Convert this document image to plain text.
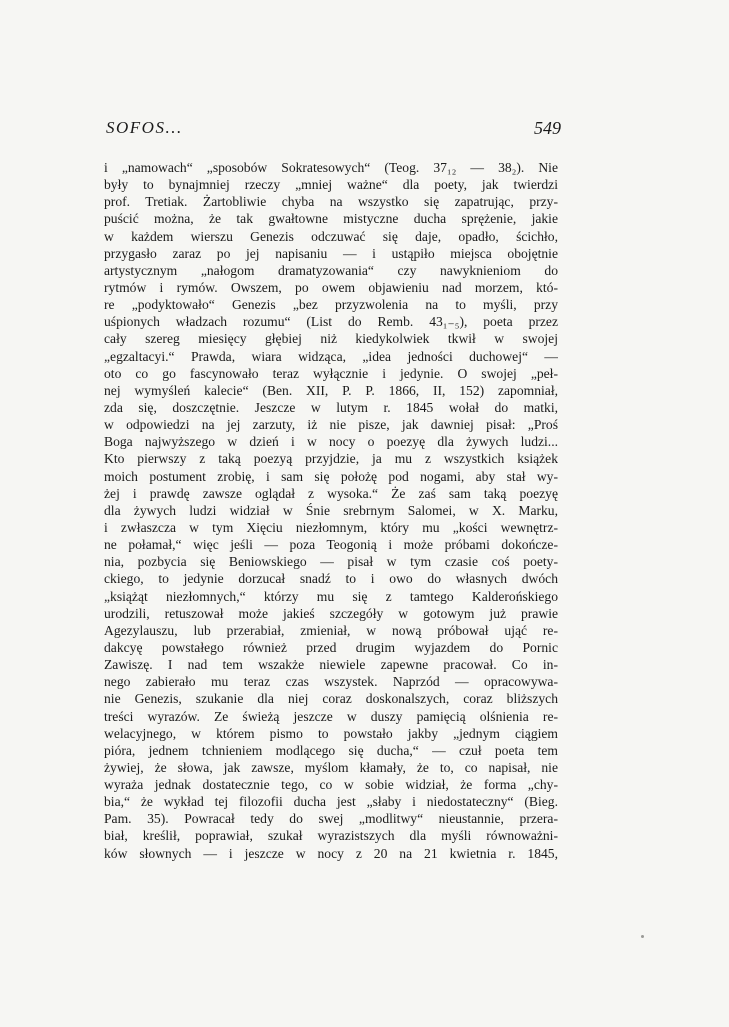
SOFOS...	549
i „namowach“ „sposobów Sokratesowych“ (Teog. 37₁₂ — 38₂). Nie
były to bynajmniej rzeczy „mniej ważne“ dla poety, jak twierdzi
prof. Tretiak. Żartobliwie chyba na wszystko się zapatrując, przy-
puścić można, że tak gwałtowne mistyczne ducha sprężenie, jakie
w każdem wierszu Genezis odczuwać się daje, opadło, ścichło,
przygasło zaraz po jej napisaniu — i ustąpiło miejsca obojętnie
artystycznym „nałogom dramatyzowania“ czy nawyknieniom do
rytmów i rymów. Owszem, po owem objawieniu nad morzem, któ-
re „podyktowało“ Genezis „bez przyzwolenia na to myśli, przy
uśpionych władzach rozumu“ (List do Remb. 43₁₋₅), poeta przez
cały szereg miesięcy głębiej niż kiedykolwiek tkwił w swojej
„egzaltacyi.“ Prawda, wiara widząca, „idea jedności duchowej“ —
oto co go fascynowało teraz wyłącznie i jedynie. O swojej „peł-
nej wymyśleń kalecie“ (Ben. XII, P. P. 1866, II, 152) zapomniał,
zda się, doszczętnie. Jeszcze w lutym r. 1845 wołał do matki,
w odpowiedzi na jej zarzuty, iż nie pisze, jak dawniej pisał: „Proś
Boga najwyższego w dzień i w nocy o poezyę dla żywych ludzi...
Kto pierwszy z taką poezyą przyjdzie, ja mu z wszystkich książek
moich postument zrobię, i sam się położę pod nogami, aby stał wy-
żej i prawdę zawsze oglądał z wysoka.“ Że zaś sam taką poezyę
dla żywych ludzi widział w Śnie srebrnym Salomei, w X. Marku,
i zwłaszcza w tym Xięciu niezłomnym, który mu „kości wewnętrz-
ne połamał,“ więc jeśli — poza Teogonią i może próbami dokończe-
nia, pozbycia się Beniowskiego — pisał w tym czasie coś poety-
ckiego, to jedynie dorzucał snadź to i owo do własnych dwóch
„książąt niezłomnych,“ którzy mu się z tamtego Kalderońskiego
urodzili, retuszował może jakieś szczegóły w gotowym już prawie
Agezylauszu, lub przerabiał, zmieniał, w nową próbował ująć re-
dakcyę powstałego również przed drugim wyjazdem do Pornic
Zawiszę. I nad tem wszakże niewiele zapewne pracował. Co in-
nego zabierało mu teraz czas wszystek. Naprzód — opracowywa-
nie Genezis, szukanie dla niej coraz doskonalszych, coraz bliższych
treści wyrazów. Ze świeżą jeszcze w duszy pamięcią olśnienia re-
welacyjnego, w którem pismo to powstało jakby „jednym ciągiem
pióra, jednem tchnieniem modlącego się ducha,“ — czuł poeta tem
żywiej, że słowa, jak zawsze, myślom kłamały, że to, co napisał, nie
wyraża jednak dostatecznie tego, co w sobie widział, że forma „chy-
bia,“ że wykład tej filozofii ducha jest „słaby i niedostateczny“ (Bieg.
Pam. 35). Powracał tedy do swej „modlitwy“ nieustannie, przera-
biał, kreślił, poprawiał, szukał wyrazistszych dla myśli równoważni-
ków słownych — i jeszcze w nocy z 20 na 21 kwietnia r. 1845,
